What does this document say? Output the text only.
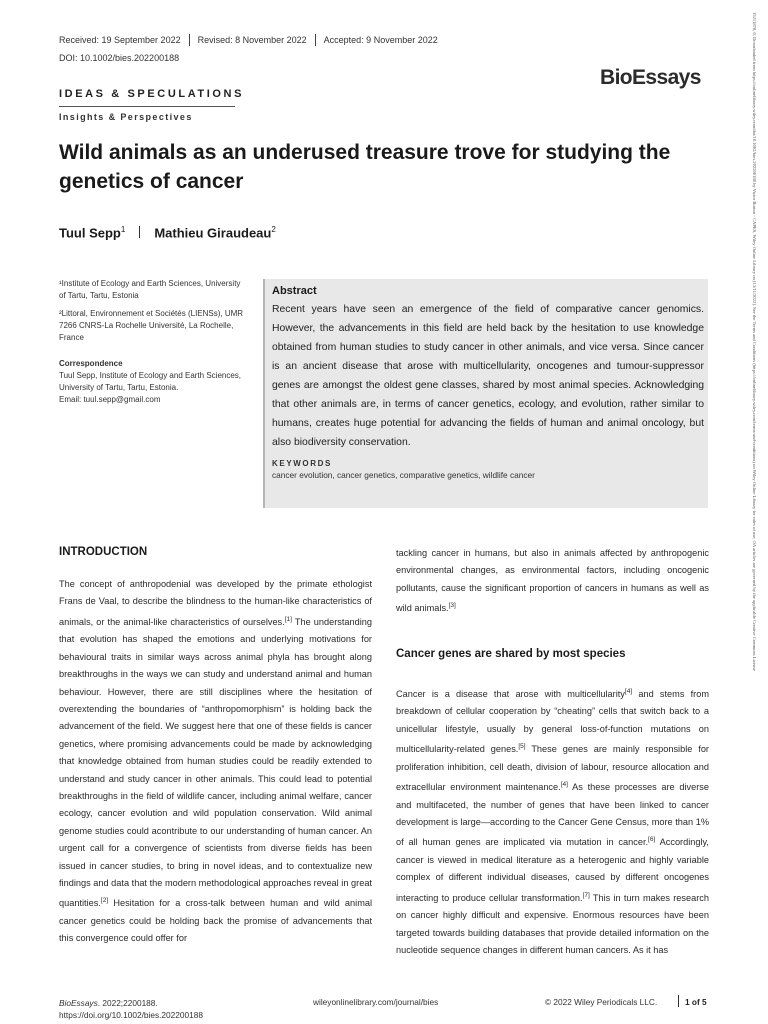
Received: 19 September 2022 Revised: 8 November 2022 Accepted: 9 November 2022
DOI: 10.1002/bies.202200188
BioEssays
IDEAS & SPECULATIONS
Insights & Perspectives
Wild animals as an underused treasure trove for studying the genetics of cancer
Tuul Sepp$^1$ Mathieu Giraudeau$^2$

¹Institute of Ecology and Earth Sciences, University of Tartu, Tartu, Estonia

²Littoral, Environnement et Sociétés (LIENSs), UMR 7266 CNRS-La Rochelle Université, La Rochelle, France

Correspondence

Tuul Sepp, Institute of Ecology and Earth Sciences, University of Tartu, Tartu, Estonia.

Email: tuul.sepp@gmail.com

Abstract
Recent years have seen an emergence of the field of comparative cancer genomics. However, the advancements in this field are held back by the hesitation to use knowledge obtained from human studies to study cancer in other animals, and vice versa. Since cancer is an ancient disease that arose with multicellularity, oncogenes and tumour-suppressor genes are amongst the oldest gene classes, shared by most animal species. Acknowledging that other animals are, in terms of cancer genetics, ecology, and evolution, rather similar to humans, creates huge potential for advancing the fields of human and animal oncology, but also biodiversity conservation.
KEYWORDS
cancer evolution, cancer genetics, comparative genetics, wildlife cancer
INTRODUCTION

The concept of anthropodenial was developed by the primate ethologist Frans de Vaal, to describe the blindness to the human-like characteristics of animals, or the animal-like characteristics of ourselves.[1] The understanding that evolution has shaped the emotions and underlying motivations for behavioural traits in similar ways across animal phyla has brought along breakthroughs in the ways we can study and understand animal and human behaviour. However, there are still disciplines where the hesitation of overextending the boundaries of “anthropomorphism” is holding back the advancement of the field. We suggest here that one of these fields is cancer genetics, where promising advancements could be made by acknowledging that knowledge obtained from human studies could be readily extended to understand and study cancer in other animals. This could lead to potential breakthroughs in the field of wildlife cancer, including animal welfare, cancer ecology, cancer evolution and wild population conservation. Wild animal genome studies could acontribute to our understanding of human cancer. An urgent call for a convergence of scientists from diverse fields has been issued in cancer studies, to bring in novel ideas, and to contextualize new findings and data that the modern methodological approaches reveal in great quantities.[2] Hesitation for a cross-talk between human and wild animal cancer genetics could be holding back the promise of advancements that this convergence could offer for

tackling cancer in humans, but also in animals affected by anthropogenic environmental changes, as environmental factors, including oncogenic pollutants, cause the significant proportion of cancers in humans as well as wild animals.[3]

Cancer genes are shared by most species

Cancer is a disease that arose with multicellularity[4] and stems from breakdown of cellular cooperation by “cheating” cells that switch back to a unicellular lifestyle, usually by general loss-of-function mutations on multicellularity-related genes.[5] These genes are mainly responsible for proliferation inhibition, cell death, division of labour, resource allocation and extracellular environment maintenance.[4] As these processes are diverse and multifaceted, the number of genes that have been linked to cancer development is large—according to the Cancer Gene Census, more than 1% of all human genes are implicated via mutation in cancer.[6] Accordingly, cancer is viewed in medical literature as a heterogenic and highly variable complex of different individual diseases, caused by different oncogenes interacting to produce cellular transformation.[7] This in turn makes research on cancer highly difficult and expensive. Enormous resources have been targeted towards building databases that provide detailed information on the nucleotide sequence changes in different human cancers. As it has

BioEssays. 2022;2200188.
https://doi.org/10.1002/bies.202200188
wileyonlinelibrary.com/journal/bies	© 2022 Wiley Periodicals LLC.	1 of 5
15211878, 0, Downloaded from https://onlinelibrary.wiley.com/doi/10.1002/bies.202200188 by Victor Burton - CAPES, Wiley Online Library on [13/11/2022]. See the Terms and Conditions (https://onlinelibrary.wiley.com/terms-and-conditions) on Wiley Online Library for rules of use; OA articles are governed by the applicable Creative Commons License
